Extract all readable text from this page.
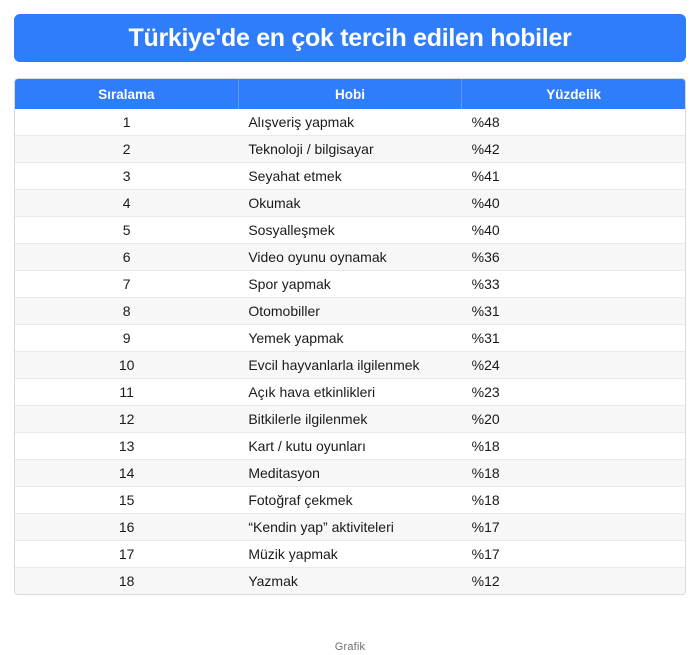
Türkiye'de en çok tercih edilen hobiler
Sıralama	Hobi	Yüzdelik
1	Alışveriş yapmak	%48
2	Teknoloji / bilgisayar	%42
3	Seyahat etmek	%41
4	Okumak	%40
5	Sosyalleşmek	%40
6	Video oyunu oynamak	%36
7	Spor yapmak	%33
8	Otomobiller	%31
9	Yemek yapmak	%31
10	Evcil hayvanlarla ilgilenmek	%24
11	Açık hava etkinlikleri	%23
12	Bitkilerle ilgilenmek	%20
13	Kart / kutu oyunları	%18
14	Meditasyon	%18
15	Fotoğraf çekmek	%18
16	“Kendin yap” aktiviteleri	%17
17	Müzik yapmak	%17
18	Yazmak	%12
Grafik
